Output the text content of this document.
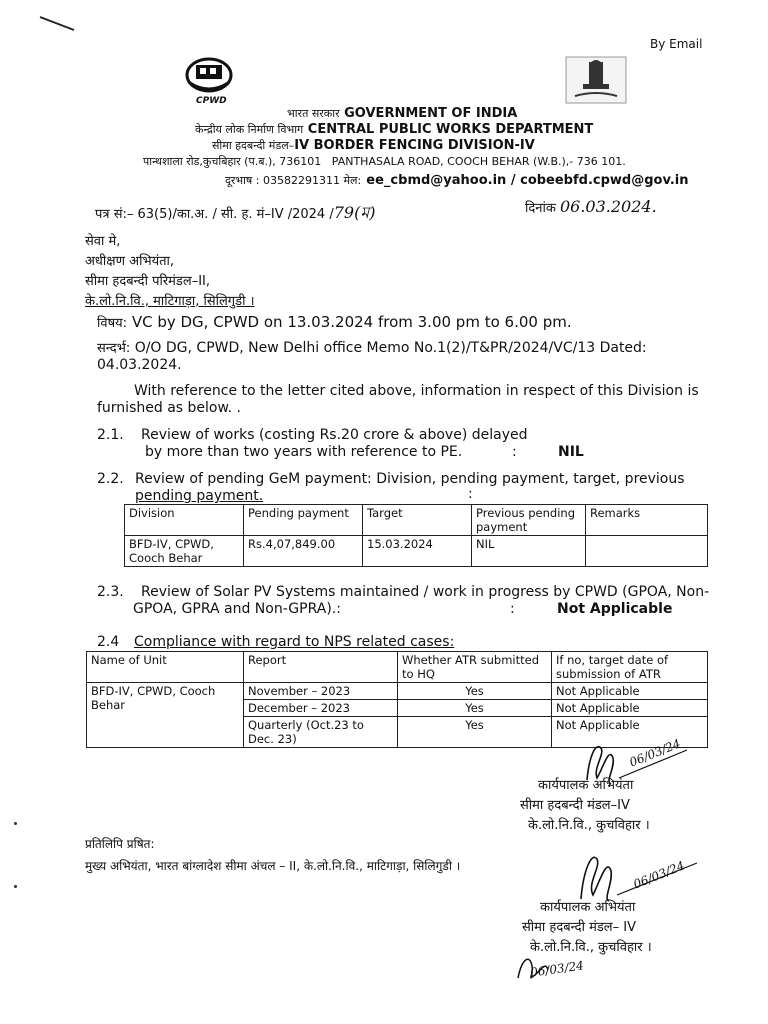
By Email
CPWD
भारत सरकार GOVERNMENT OF INDIA
केन्द्रीय लोक निर्माण विभाग CENTRAL PUBLIC WORKS DEPARTMENT
सीमा हदबन्दी मंडल–IV BORDER FENCING DIVISION-IV
पान्थशाला रोड,कुचबिहार (प.ब.), 736101 PANTHASALA ROAD, COOCH BEHAR (W.B.),- 736 101.
दूरभाष : 03582291311 मेल: ee_cbmd@yahoo.in / cobeebfd.cpwd@gov.in
पत्र सं:– 63(5)/का.अ. / सी. ह. मं–IV /2024 /79(ম)	दिनांक 06.03.2024.
सेवा मे,
अधीक्षण अभियंता,
सीमा हदबन्दी परिमंडल–II,
के.लो.नि.वि., माटिगाड़ा, सिलिगुडी ।
विषय: VC by DG, CPWD on 13.03.2024 from 3.00 pm to 6.00 pm.
सन्दर्भ: O/O DG, CPWD, New Delhi office Memo No.1(2)/T&PR/2024/VC/13 Dated:
04.03.2024.
With reference to the letter cited above, information in respect of this Division is
furnished as below. .
2.1. Review of works (costing Rs.20 crore & above) delayed
by more than two years with reference to PE.	:	NIL
2.2. Review of pending GeM payment: Division, pending payment, target, previous
pending payment.	:
Division	Pending payment	Target	Previous pending payment	Remarks
BFD-IV, CPWD, Cooch Behar	Rs.4,07,849.00	15.03.2024	NIL	
2.3. Review of Solar PV Systems maintained / work in progress by CPWD (GPOA, Non-
GPOA, GPRA and Non-GPRA).:	:	Not Applicable
2.4 Compliance with regard to NPS related cases:
Name of Unit	Report	Whether ATR submitted to HQ	If no, target date of submission of ATR
BFD-IV, CPWD, Cooch Behar	November – 2023	Yes	Not Applicable
	December – 2023	Yes	Not Applicable
	Quarterly (Oct.23 to Dec. 23)	Yes	Not Applicable
06/03/24
कार्यपालक अभियंता
सीमा हदबन्दी मंडल–IV
के.लो.नि.वि., कुचविहार ।
प्रतिलिपि प्रषित:
मुख्य अभियंता, भारत बांग्लादेश सीमा अंचल – II, के.लो.नि.वि., माटिगाड़ा, सिलिगुडी ।	06/03/24
कार्यपालक अभियंता
सीमा हदबन्दी मंडल– IV
के.लो.नि.वि., कुचविहार ।
06/03/24
